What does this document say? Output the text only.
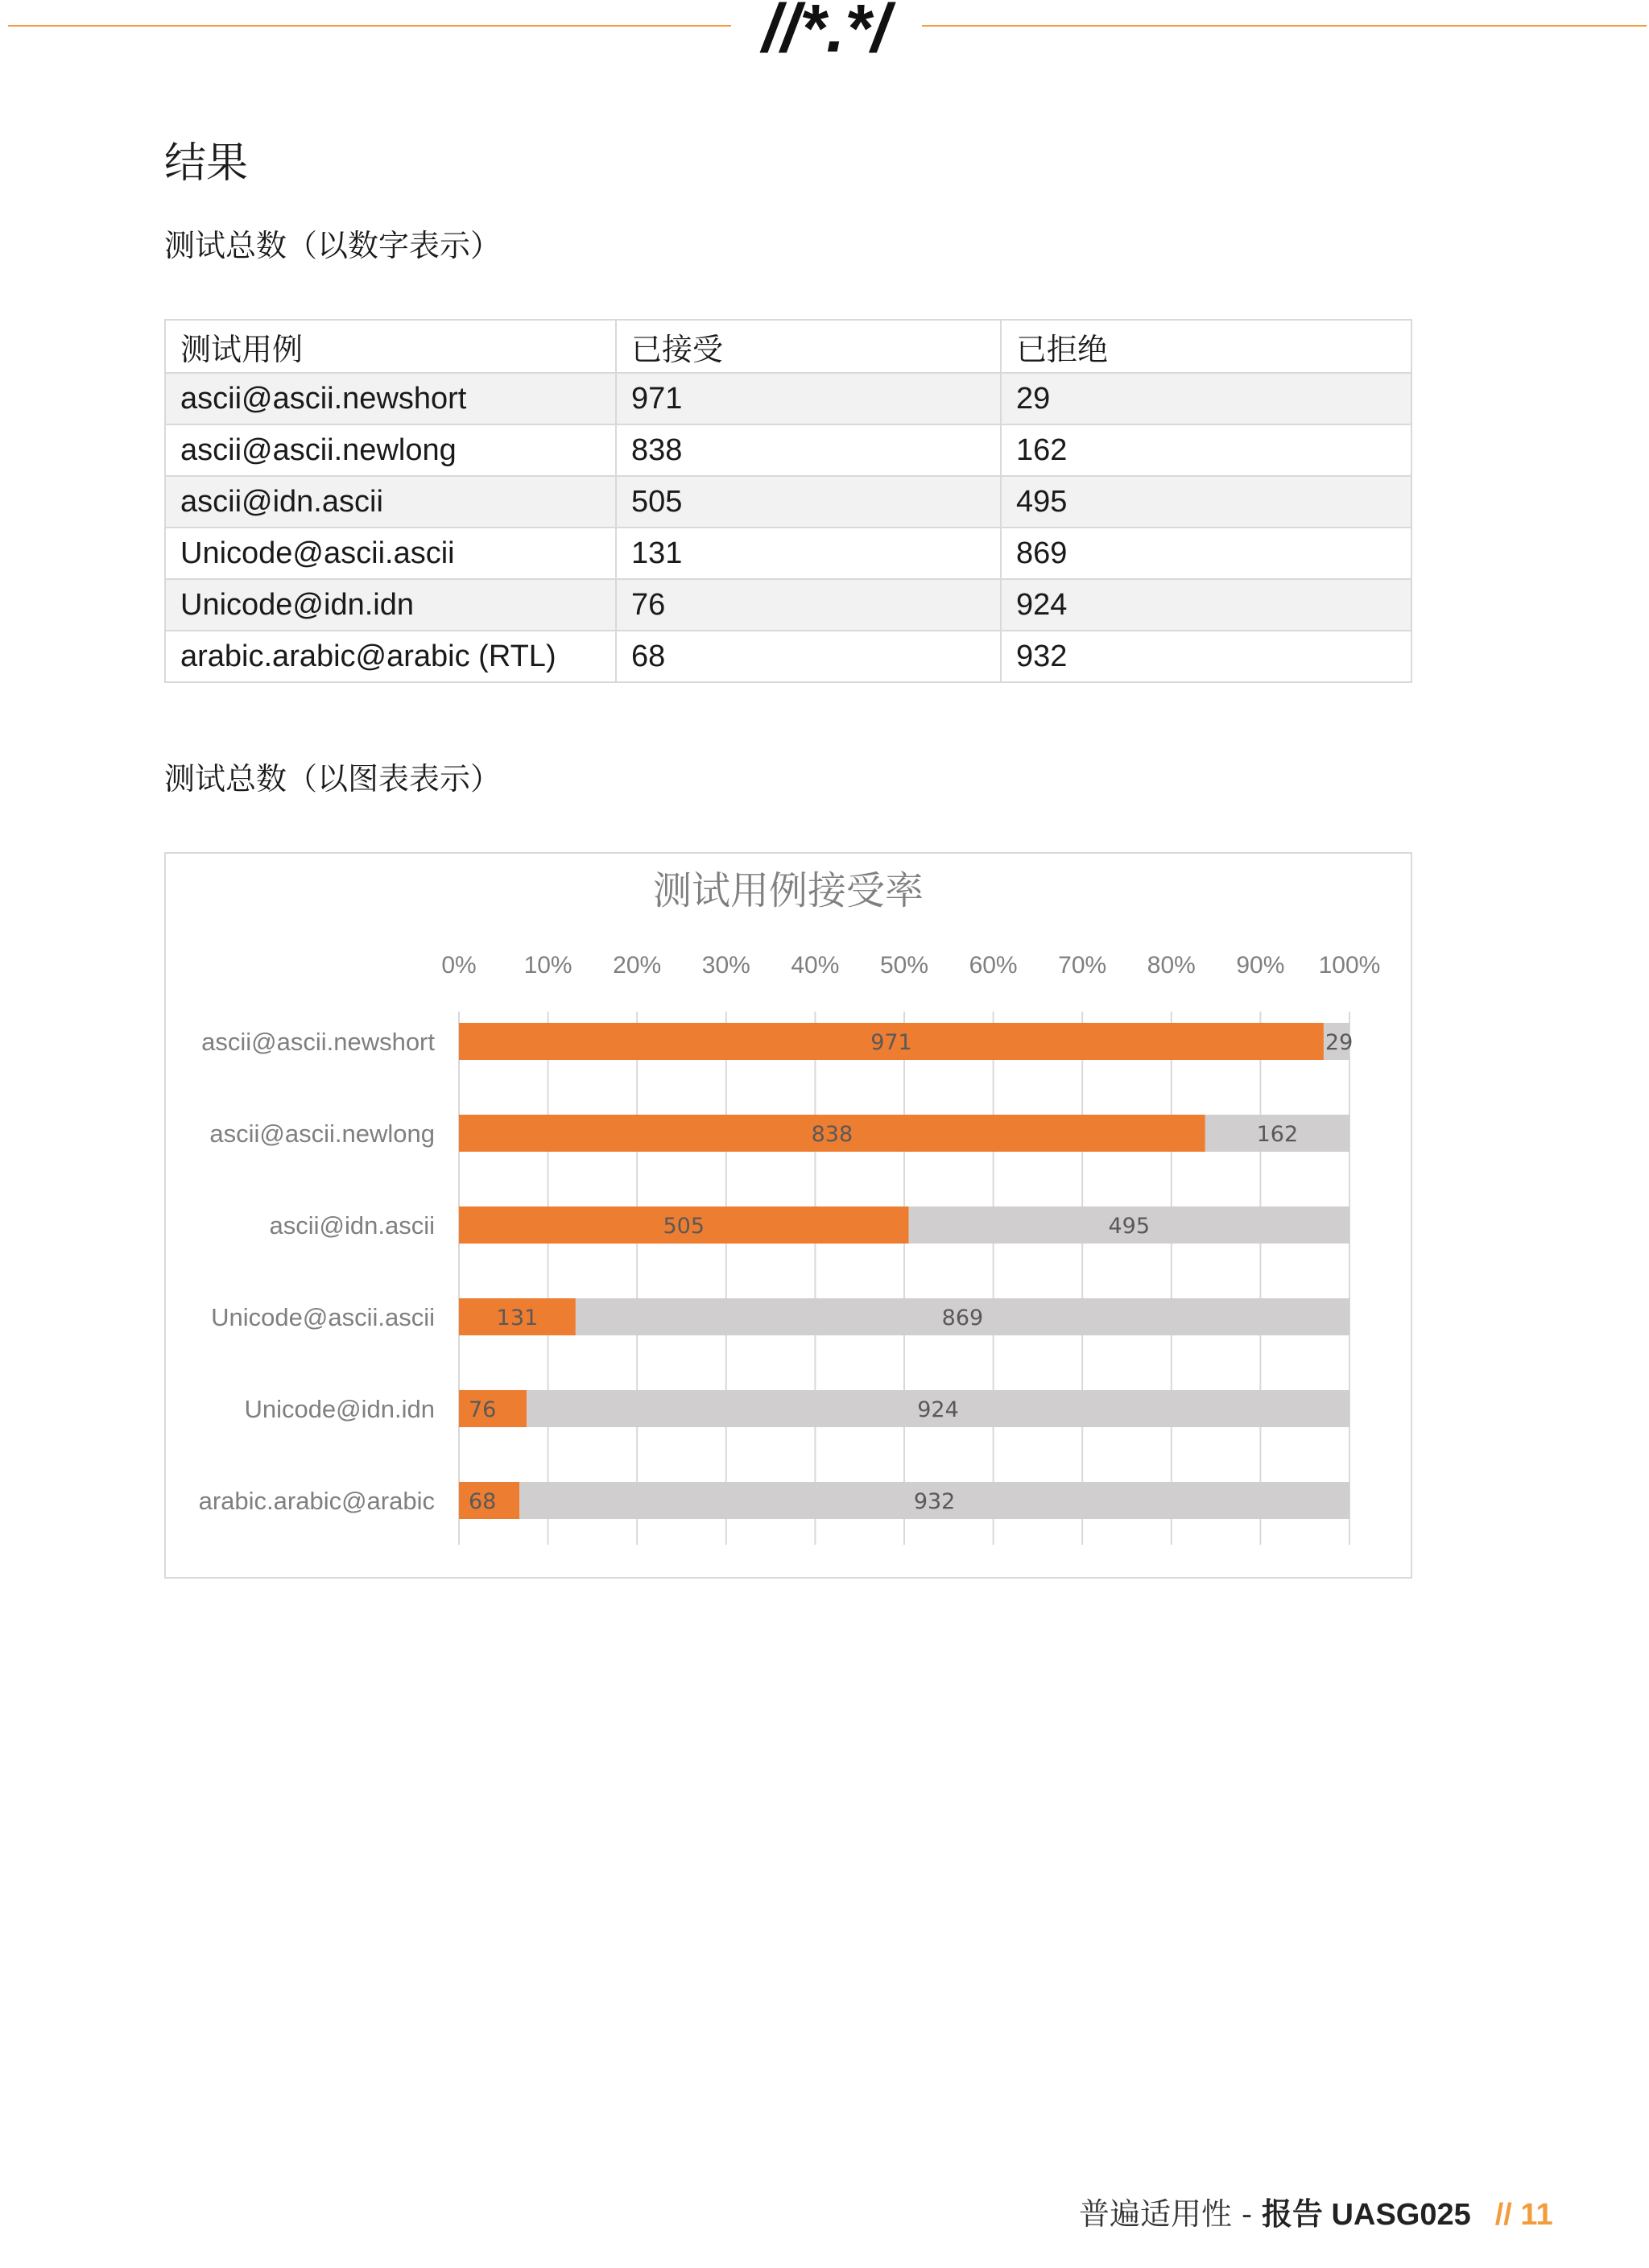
//*.*/
结果
测试总数（以数字表示）
测试用例	已接受	已拒绝
ascii@ascii.newshort	971	29
ascii@ascii.newlong	838	162
ascii@idn.ascii	505	495
Unicode@ascii.ascii	131	869
Unicode@idn.idn	76	924
arabic.arabic@arabic (RTL)	68	932
测试总数（以图表表示）
测试用例接受率
0% 10% 20% 30% 40% 50% 60% 70% 80% 90% 100%
ascii@ascii.newshort	971	29
ascii@ascii.newlong	838	162
ascii@idn.ascii	505	495
Unicode@ascii.ascii	131	869
Unicode@idn.idn 76	924
arabic.arabic@arabic 68	932
普遍适用性 - 报告 UASG025 // 11
